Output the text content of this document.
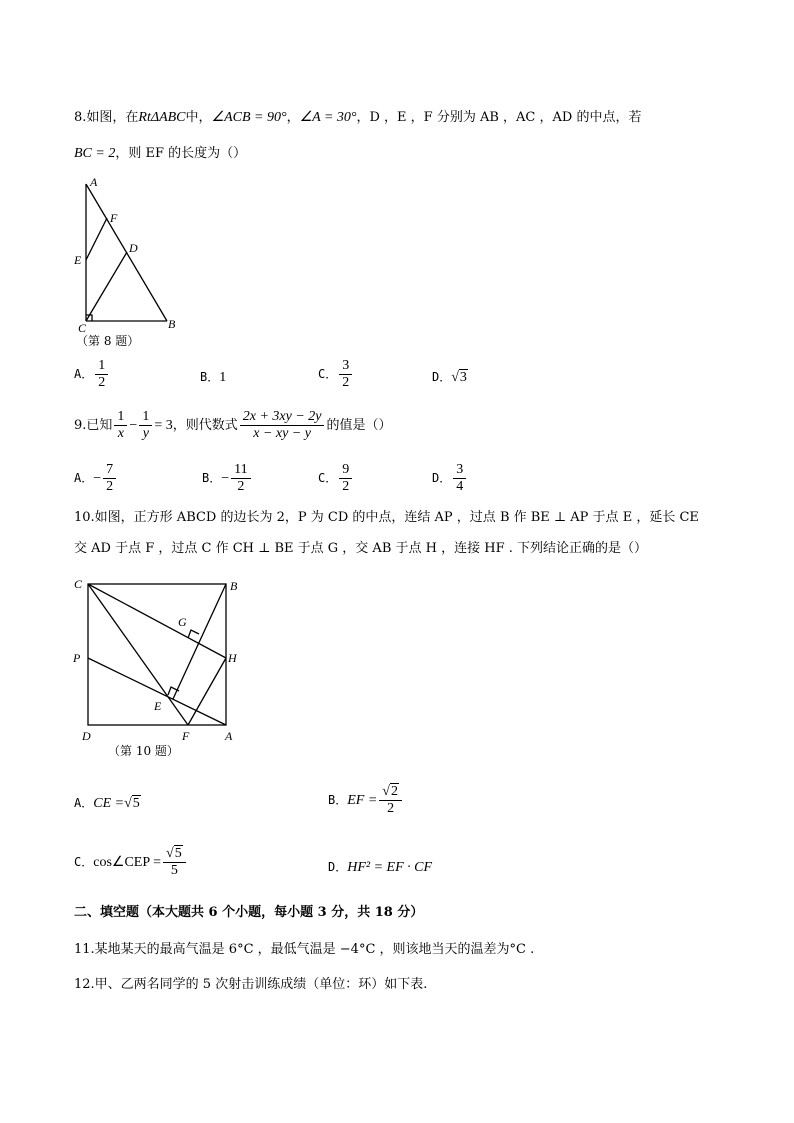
8.如图，在RtΔABC中，∠ACB = 90°，∠A = 30°，D ，E ，F 分别为 AB ，AC ，AD 的中点，若
BC = 2，则 EF 的长度为（）
A
F
E
D
C	B
（第 8 题）
A． $\frac{1}{2}$	B．1	C． $\frac{3}{2}$	D．√3
9.已知 $\frac{1}{x} - \frac{1}{y} = 3$，则代数式 $\frac{2x + 3xy - 2y}{x - xy - y}$ 的值是（）
A．− $\frac{7}{2}$	B．− $\frac{11}{2}$	C． $\frac{9}{2}$	D． $\frac{3}{4}$
10.如图，正方形 ABCD 的边长为 2，P 为 CD 的中点，连结 AP ，过点 B 作 BE ⊥ AP 于点 E ，延长 CE
交 AD 于点 F ，过点 C 作 CH ⊥ BE 于点 G ，交 AB 于点 H ，连接 HF . 下列结论正确的是（）
C	B
G
P	H
E
D	F	A
（第 10 题）
A．CE =√5	B．EF = $\frac{√2}{2}$
C．cos∠CEP = $\frac{√5}{5}$	D．HF² = EF · CF
二、填空题（本大题共 6 个小题，每小题 3 分，共 18 分）
11.某地某天的最高气温是 6°C ，最低气温是 −4°C ，则该地当天的温差为°C .
12.甲、乙两名同学的 5 次射击训练成绩（单位：环）如下表.
